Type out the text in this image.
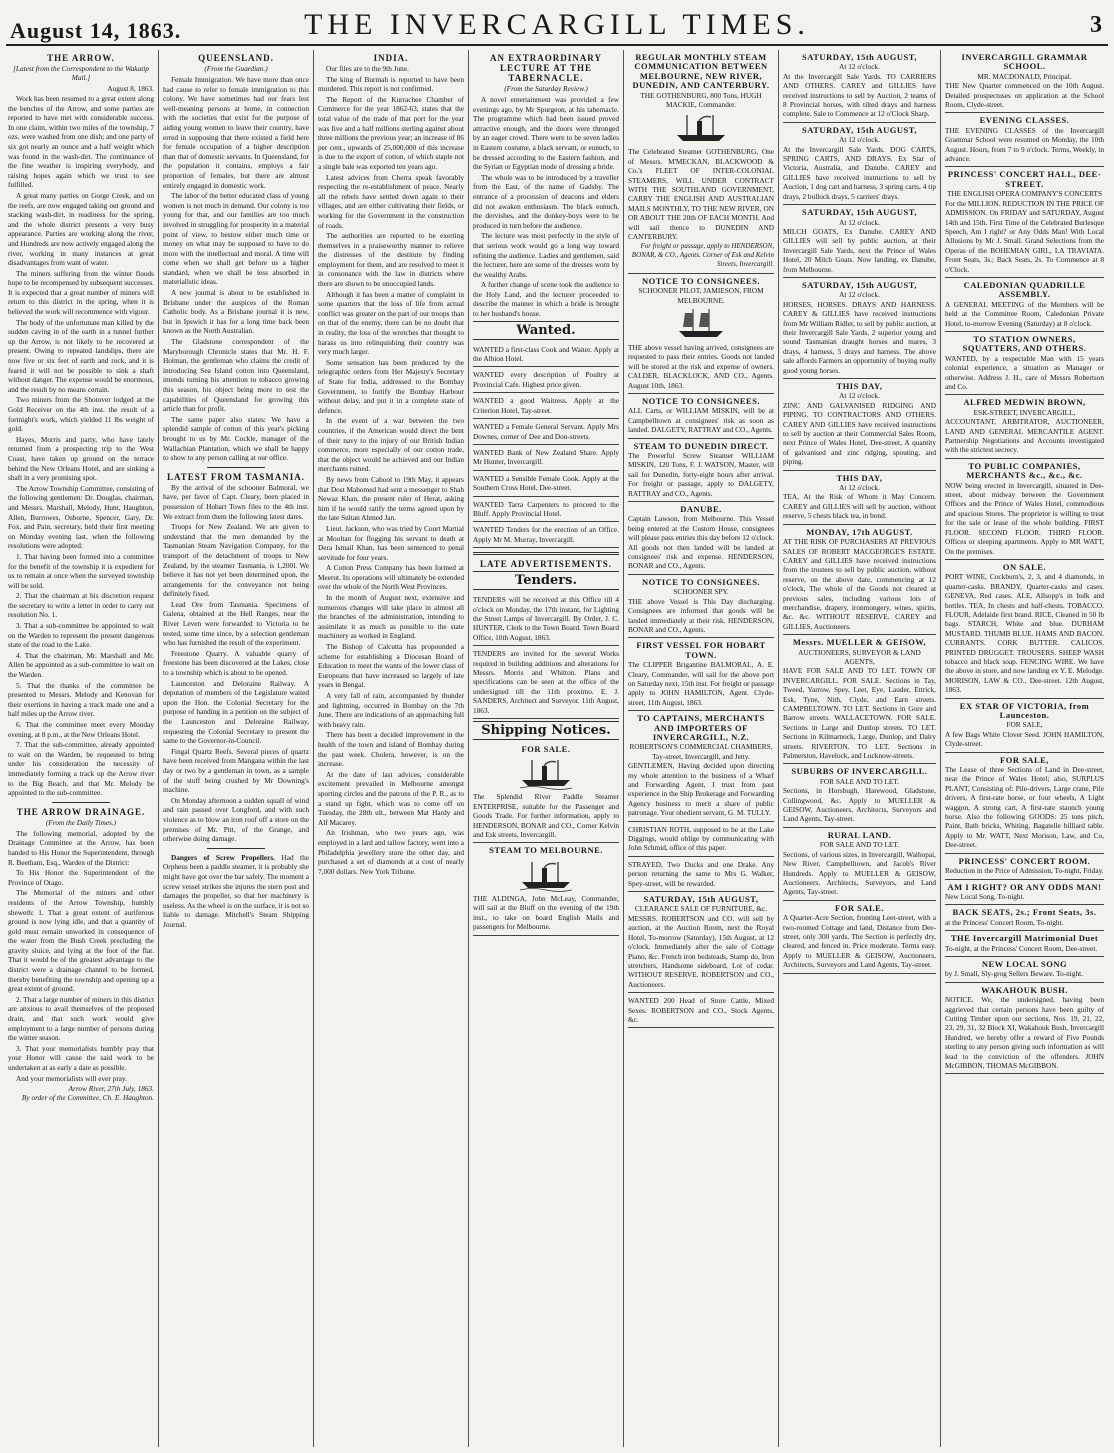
August 14, 1863.	THE INVERCARGILL TIMES.	3
THE ARROW.
[Latest from the Correspondent to the Wakatip Mail.]
August 8, 1863.

Work has been resumed to a great extent along the benches of the Arrow, and some parties are reported to have met with considerable success. In one claim, within two miles of the township, 7 ozs. were washed from one dish; and one party of six got nearly an ounce and a half weight which was found in the wash-dirt. The continuance of the fine weather is inspiring everybody, and raising hopes again which we trust to see fulfilled.

A great many parties on Gorge Creek, and on the reefs, are now engaged taking out ground and stacking wash-dirt, in readiness for the spring, and the whole district presents a very busy appearance. Parties are working along the river, and Hundreds are now actively engaged along the river, working in many instances at great disadvantages from want of water.

The miners suffering from the winter floods hope to be recompensed by subsequent successes. It is expected that a great number of miners will return to this district in the spring, when it is believed the work will recommence with vigour.

The body of the unfortunate man killed by the sudden caving in of the earth in a tunnel further up the Arrow, is not likely to be recovered at present. Owing to repeated landslips, there are now five or six feet of earth and rock, and it is feared it will not be possible to sink a shaft without danger. The expense would be enormous, and the result by no means certain.

Two miners from the Shotover lodged at the Gold Receiver on the 4th inst. the result of a fortnight's work, which yielded 11 lbs weight of gold.

Hayes, Morris and party, who have lately returned from a prospecting trip to the West Coast, have taken up ground on the terrace behind the New Orleans Hotel, and are sinking a shaft in a very promising spot.

The Arrow Township Committee, consisting of the following gentlemen: Dr. Douglas, chairman, and Messrs. Marshall, Melody, Hunt, Haughton, Allen, Burrowes, Osborne, Spencer, Gary, Dr. Fox, and Pain, secretary, held their first meeting on Monday evening last, when the following resolutions were adopted:

1. That having been formed into a committee for the benefit of the township it is expedient for us to remain at once when the surveyed township will be sold.

2. That the chairman at his discretion request the secretary to write a letter in order to carry out resolution No. 1.

3. That a sub-committee be appointed to wait on the Warden to represent the present dangerous state of the road to the Lake.

4. That the chairman, Mr. Marshall and Mr. Allen be appointed as a sub-committee to wait on the Warden.

5. That the thanks of the committee be presented to Messrs. Melody and Kenovan for their exertions in having a track made one and a half miles up the Arrow river.

6. That the committee meet every Monday evening, at 8 p.m., at the New Orleans Hotel.

7. That the sub-committee, already appointed to wait on the Warden, be requested to bring under his consideration the necessity of immediately forming a track up the Arrow river to the Big Beach, and that Mr. Melody be appointed to the sub-committee.

THE ARROW DRAINAGE.
(From the Daily Times.)

The following memorial, adopted by the Drainage Committee at the Arrow, has been handed to His Honor the Superintendent, through R. Beetham, Esq., Warden of the District:

To His Honor the Superintendent of the Province of Otago.

The Memorial of the miners and other residents of the Arrow Township, humbly sheweth: 1. That a great extent of auriferous ground is now lying idle, and that a quantity of gold must remain unworked in consequence of the water from the Bush Creek precluding the gravity sluice, and lying at the foot of the flat. That it would be of the greatest advantage to the district were a drainage channel to be formed, thereby benefiting the township and opening up a great extent of ground.

2. That a large number of miners in this district are anxious to avail themselves of the proposed drain, and that such work would give employment to a large number of persons during the winter season.

3. That your memorialists humbly pray that your Honor will cause the said work to be undertaken at as early a date as possible.

And your memorialists will ever pray.

Arrow River, 27th July, 1863.
By order of the Committee, Ch. E. Haughton.
QUEENSLAND.
(From the Guardian.)

Female Immigration. We have more than once had cause to refer to female immigration to this colony. We have sometimes had our fears lest well-meaning persons at home, in connection with the societies that exist for the purpose of aiding young women to leave their country, have erred in supposing that there existed a field here for female occupation of a higher description than that of domestic servants. In Queensland, for the population it contains, employs a fair proportion of females, but there are almost entirely engaged in domestic work.

The labor of the better educated class of young women is not much in demand. Our colony is too young for that, and our families are too much involved in struggling for prosperity in a material point of view, to bestow either much time or money on what may be supposed to have to do more with the intellectual and moral. A time will come when we shall get before us a higher standard, when we shall be less absorbed in materialistic ideas.

A new journal is about to be established in Brisbane under the auspices of the Roman Catholic body. As a Brisbane journal it is new, but in Ipswich it has for a long time back been known as the North Australian.

The Gladstone correspondent of the Maryborough Chronicle states that Mr. H. F. Holman, the gentleman who claims the credit of introducing Sea Island cotton into Queensland, intends turning his attention to tobacco growing this season, his object being more to test the capabilities of Queensland for growing this article than for profit.

The same paper also states: We have a splendid sample of cotton of this year's picking brought to us by Mr. Cockle, manager of the Wallachian Plantation, which we shall be happy to show to any person calling at our office.

LATEST FROM TASMANIA.

By the arrival of the schooner Balmoral, we have, per favor of Capt. Cleary, been placed in possession of Hobart Town files to the 4th inst. We extract from them the following latest dates.

Troops for New Zealand. We are given to understand that the men demanded by the Tasmanian Steam Navigation Company, for the transport of the detachment of troops to New Zealand, by the steamer Tasmania, is 1,200l. We believe it has not yet been determined upon, the arrangements for the conveyance not being definitely fixed.

Lead Ore from Tasmania. Specimens of Galena, obtained at the Hell Ranges, near the River Leven were forwarded to Victoria to be tested, some time since, by a selection gentleman who has furnished the result of the experiment.

Freestone Quarry. A valuable quarry of freestone has been discovered at the Lakes, close to a township which is about to be opened.

Launceston and Deloraine Railway. A deputation of members of the Legislature waited upon the Hon. the Colonial Secretary for the purpose of handing in a petition on the subject of the Launceston and Deloraine Railway, requesting the Colonial Secretary to present the same to the Governor-in-Council.

Fingal Quartz Reefs. Several pieces of quartz have been received from Mangana within the last day or two by a gentleman in town, as a sample of the stuff being crushed by Mr Downing's machine.

On Monday afternoon a sudden squall of wind and rain passed over Longford, and with such violence as to blow an iron roof off a store on the premises of Mr. Pitt, of the Grange, and otherwise doing damage.

Dangers of Screw Propellers. Had the Orpheus been a paddle steamer, it is probably she might have got over the bar safely. The moment a screw vessel strikes she injures the stern post and damages the propeller, so that her machinery is useless. As the wheel is on the surface, it is not so liable to damage. Mitchell's Steam Shipping Journal.

INDIA.

Our files are to the 9th June.

The king of Burmah is reported to have been murdered. This report is not confirmed.

The Report of the Kurrachee Chamber of Commerce for the year 1862-63, states that the total value of the trade of that port for the year was five and a half millions sterling against about three millions the previous year; an increase of 86 per cent., upwards of 25,000,000 of this increase is due to the export of cotton, of which staple not a single bale was exported ten years ago.

Latest advices from Cherra speak favorably respecting the re-establishment of peace. Nearly all the rebels have settled down again to their villages, and are either cultivating their fields, or working for the Government in the construction of roads.

The authorities are reported to be exerting themselves in a praiseworthy manner to relieve the distresses of the destitute by finding employment for them, and are resolved to meet it in consonance with the law in districts where there are shown to be unoccupied lands.

Although it has been a matter of complaint in some quarters that the loss of life from actual conflict was greater on the part of our troops than on that of the enemy, there can be no doubt that in reality, the loss of the wretches that thought to harass us into relinquishing their country was very much larger.

Some sensation has been produced by the telegraphic orders from Her Majesty's Secretary of State for India, addressed to the Bombay Government, to fortify the Bombay Harbour without delay, and put it in a complete state of defence.

In the event of a war between the two countries, if the American would direct the bent of their navy to the injury of our British Indian commerce, more especially of our cotton trade, that the object would be achieved and our Indian merchants ruined.

By news from Cabool to 19th May, it appears that Dost Mahomed had sent a messenger to Shah Newaz Khan, the present ruler of Herat, asking him if he would ratify the terms agreed upon by the late Sultan Ahmed Jan.

Lieut. Jackson, who was tried by Court Martial at Mooltan for flogging his servant to death at Dera Ismail Khan, has been sentenced to penal servitude for four years.

A Cotton Press Company has been formed at Meerut. Its operations will ultimately be extended over the whole of the North West Provinces.

In the month of August next, extensive and numerous changes will take place in almost all the branches of the administration, intending to assimilate it as much as possible to the state machinery as worked in England.

The Bishop of Calcutta has propounded a scheme for establishing a Diocesan Board of Education to meet the wants of the lower class of Europeans that have increased so largely of late years in Bengal.

A very fall of rain, accompanied by thunder and lightning, occurred in Bombay on the 7th June. There are indications of an approaching full with heavy rain.

There has been a decided improvement in the health of the town and island of Bombay during the past week. Cholera, however, is on the increase.

At the date of last advices, considerable excitement prevailed in Melbourne amongst sporting circles and the patrons of the P. R., as to a stand up fight, which was to come off on Tuesday, the 28th ult., between Mat Hardy and Alf Macarey.

An Irishman, who two years ago, was employed in a lard and tallow factory, went into a Philadelphia jewellery store the other day, and purchased a set of diamonds at a cost of nearly 7,000 dollars. New York Tribune.

AN EXTRAORDINARY LECTURE AT THE TABERNACLE.
(From the Saturday Review.)

A novel entertainment was provided a few evenings ago, by Mr Spurgeon, at his tabernacle. The programme which had been issued proved attractive enough, and the doors were thronged by an eager crowd. There were to be seven ladies in Eastern costume, a black servant, or eunuch, to be dressed according to the Eastern fashion, and the Syrian or Egyptian mode of dressing a bride.

The whole was to be introduced by a traveller from the East, of the name of Gadsby. The entrance of a procession of deacons and elders did not awaken enthusiasm. The black eunuch, the dervishes, and the donkey-boys were to be produced in turn before the audience.

The lecture was most perfectly in the style of that serious work would go a long way toward refining the audience. Ladies and gentlemen, said the lecturer, here are some of the dresses worn by the wealthy Arabs.

A further change of scene took the audience to the Holy Land, and the lecturer proceeded to describe the manner in which a bride is brought to her husband's house.

Wanted.
WANTED a first-class Cook and Waiter. Apply at the Albion Hotel.
WANTED every description of Poultry at Provincial Cafe. Highest price given.
WANTED a good Waitress. Apply at the Criterion Hotel, Tay-street.
WANTED a Female General Servant. Apply Mrs Downes, corner of Dee and Don-streets.
WANTED Bank of New Zealand Share. Apply Mr Hunter, Invercargill.
WANTED a Sensible Female Cook. Apply at the Southern Cross Hotel, Dee-street.
WANTED Tarra Carpenters to proceed to the Bluff. Apply Provincial Hotel.
WANTED Tenders for the erection of an Office. Apply Mr M. Murray, Invercargill.
LATE ADVERTISEMENTS.
Tenders.
TENDERS will be received at this Office till 4 o'clock on Monday, the 17th instant, for Lighting the Street Lamps of Invercargill. By Order, J. C. HUNTER, Clerk to the Town Board. Town Board Office, 10th August, 1863.
TENDERS are invited for the several Works required in building additions and alterations for Messrs. Morris and Whitton. Plans and specifications can be seen at the office of the undersigned till the 11th proximo. E. J. SANDERS, Architect and Surveyor. 11th August, 1863.
Shipping Notices.
FOR SALE.
The Splendid River Paddle Steamer ENTERPRISE, suitable for the Passenger and Goods Trade. For further information, apply to HENDERSON, BONAR and CO., Corner Kelvin and Esk streets, Invercargill.
STEAM TO MELBOURNE.
THE ALDINGA, John McLeay, Commander, will sail at the Bluff on the evening of the 19th inst., to take on board English Mails and passengers for Melbourne.
REGULAR MONTHLY STEAM COMMUNICATION BETWEEN MELBOURNE, NEW RIVER, DUNEDIN, AND CANTERBURY.
THE GOTHENBURG, 800 Tons, HUGH MACKIE, Commander.
The Celebrated Steamer GOTHENBURG, One of Messrs. M'MECKAN, BLACKWOOD & Co.'s FLEET OF INTER-COLONIAL STEAMERS, WILL UNDER CONTRACT WITH THE SOUTHLAND GOVERNMENT, CARRY THE ENGLISH AND AUSTRALIAN MAILS MONTHLY, TO THE NEW RIVER, ON OR ABOUT THE 20th OF EACH MONTH. And will sail thence to DUNEDIN AND CANTERBURY.
For freight or passage, apply to HENDERSON, BONAR, & CO., Agents. Corner of Esk and Kelvin Streets, Invercargill.
NOTICE TO CONSIGNEES.
SCHOONER PILOT, JAMIESON, FROM MELBOURNE.
THE above vessel having arrived, consignees are requested to pass their entries. Goods not landed will be stored at the risk and expense of owners. CALDER, BLACKLOCK, AND CO., Agents. August 10th, 1863.
NOTICE TO CONSIGNEES.
ALL Carts, or WILLIAM MISKIN, will be at Campbelltown at consignees' risk as soon as landed. DALGETY, RATTRAY and CO., Agents.
STEAM TO DUNEDIN DIRECT.
The Powerful Screw Steamer WILLIAM MISKIN, 120 Tons, F. J. WATSON, Master, will sail for Dunedin, forty-eight hours after arrival. For freight or passage, apply to DALGETY, RATTRAY and CO., Agents.
DANUBE.
Captain Lawson, from Melbourne. This Vessel being entered at the Custom House, consignees will please pass entries this day before 12 o'clock. All goods not then landed will be landed at consignees' risk and expense. HENDERSON, BONAR and CO., Agents.
NOTICE TO CONSIGNEES.
SCHOONER SPY.
THE above Vessel is This Day discharging. Consignees are informed that goods will be landed immediately at their risk. HENDERSON, BONAR and CO., Agents.
FIRST VESSEL FOR HOBART TOWN.
The CLIPPER Brigantine BALMORAL, A. E. Cleary, Commander, will sail for the above port on Saturday next, 15th inst. For freight or passage apply to JOHN HAMILTON, Agent. Clyde-street, 11th August, 1863.
TO CAPTAINS, MERCHANTS AND IMPORTERS OF INVERCARGILL, N.Z.
ROBERTSON'S COMMERCIAL CHAMBERS, Tay-street, Invercargill, and Jetty.
GENTLEMEN, Having decided upon directing my whole attention to the business of a Wharf and Forwarding Agent, I trust from past experience in the Ship Brokerage and Forwarding Agency business to merit a share of public patronage. Your obedient servant, G. M. TULLY.
CHRISTIAN ROTH, supposed to be at the Lake Diggings, would oblige by communicating with John Schmid, office of this paper.
STRAYED, Two Ducks and one Drake. Any person returning the same to Mrs G. Walker, Spey-street, will be rewarded.
SATURDAY, 15th AUGUST,
CLEARANCE SALE OF FURNITURE, &c.
MESSRS. ROBERTSON and CO. will sell by auction, at the Auction Room, next the Royal Hotel, To-morrow (Saturday), 15th August, at 12 o'clock. Immediately after the sale of Cottage Piano, &c. French iron bedsteads, Stamp do, Iron stretchers, Handsome sideboard, Lot of cedar. WITHOUT RESERVE. ROBERTSON and CO., Auctioneers.
WANTED 200 Head of Store Cattle, Mixed Sexes. ROBERTSON and CO., Stock Agents, &c.
SATURDAY, 15th AUGUST,
At 12 o'clock.
At the Invercargill Sale Yards. TO CARRIERS AND OTHERS. CAREY and GILLIES have received instructions to sell by Auction, 2 teams of 8 Provincial horses, with tilted drays and harness complete. Sale to Commence at 12 o'Clock Sharp.
SATURDAY, 15th AUGUST,
At 12 o'clock.
At the Invercargill Sale Yards. DOG CARTS, SPRING CARTS, AND DRAYS. Ex Star of Victoria, Australia, and Danube. CAREY and GILLIES have received instructions to sell by Auction, 1 dog cart and harness, 3 spring carts, 4 tip drays, 2 bullock drays, 5 carriers' drays.
SATURDAY, 15th AUGUST,
At 12 o'clock.
MILCH GOATS, Ex Danube. CAREY AND GILLIES will sell by public auction, at their Invercargill Sale Yards, next the Prince of Wales Hotel, 20 Milch Goats. Now landing, ex Danube, from Melbourne.
SATURDAY, 15th AUGUST,
At 12 o'clock.
HORSES, HORSES. DRAYS AND HARNESS. CAREY & GILLIES have received instructions from Mr William Ridler, to sell by public auction, at their Invercargill Sale Yards, 2 superior young and sound Tasmanian draught horses and mares, 3 drays, 4 harness, 5 drays and harness. The above sale affords Farmers an opportunity of buying really good young horses.
THIS DAY,
At 12 o'clock.
ZINC AND GALVANISED RIDGING AND PIPING. TO CONTRACTORS AND OTHERS. CAREY AND GILLIES have received instructions to sell by auction at their Commercial Sales Room, next Prince of Wales Hotel, Dee-street, A quantity of galvanised and zinc ridging, spouting, and piping.
THIS DAY,
At 12 o'clock.
TEA, At the Risk of Whom it May Concern. CAREY and GILLIES will sell by auction, without reserve, 5 chests black tea, in bond.
MONDAY, 17th AUGUST.
AT THE RISK OF PURCHASERS AT PREVIOUS SALES OF ROBERT MACGEORGE'S ESTATE. CAREY and GILLIES have received instructions from the trustees to sell by public auction, without reserve, on the above date, commencing at 12 o'clock, The whole of the Goods not cleared at previous sales, including various lots of merchandise, drapery, ironmongery, wines, spirits, &c. &c. WITHOUT RESERVE. CAREY and GILLIES, Auctioneers.
Messrs. MUELLER & GEISOW,
AUCTIONEERS, SURVEYOR & LAND AGENTS,
HAVE FOR SALE AND TO LET. TOWN OF INVERCARGILL. FOR SALE. Sections in Tay, Tweed, Yarrow, Spey, Leet, Eye, Lauder, Ettrick, Esk, Tyne, Nith, Clyde, and Earn streets. CAMPBELTOWN. TO LET. Sections in Gore and Barrow streets. WALLACETOWN. FOR SALE. Sections in Large and Dunlop streets. TO LET. Sections in Kilmarnock, Large, Dunlop, and Dalry streets. RIVERTON. TO LET. Sections in Palmerston, Havelock, and Lucknow-streets.
SUBURBS OF INVERCARGILL.
FOR SALE AND TO LET.
Sections, in Horsbugh, Harewood, Gladstone, Collingwood, &c. Apply to MUELLER & GEISOW, Auctioneers, Architects, Surveyors and Land Agents, Tay-street.
RURAL LAND.
FOR SALE AND TO LET.
Sections, of various sizes, in Invercargill, Waihopai, New River, Campbelltown, and Jacob's River Hundreds. Apply to MUELLER & GEISOW, Auctioneers, Architects, Surveyors, and Land Agents, Tay-street.
FOR SALE.
A Quarter-Acre Section, fronting Leet-street, with a two-roomed Cottage and land, Distance from Dee-street, only 300 yards. The Section is perfectly dry, cleared, and fenced in. Price moderate. Terms easy. Apply to MUELLER & GEISOW, Auctioneers, Architects, Surveyors and Land Agents, Tay-street.
INVERCARGILL GRAMMAR SCHOOL.
MR. MACDONALD, Principal.
THE New Quarter commenced on the 10th August. Detailed prospectuses on application at the School Room, Clyde-street.
EVENING CLASSES.
THE EVENING CLASSES of the Invercargill Grammar School were resumed on Monday, the 10th August. Hours, from 7 to 9 o'clock. Terms, Weekly, in advance.
PRINCESS' CONCERT HALL, DEE-STREET.
THE ENGLISH OPERA COMPANY'S CONCERTS
For the MILLION. REDUCTION IN THE PRICE OF ADMISSION. On FRIDAY and SATURDAY, August 14th and 15th. First Time of the Celebrated Burlesque Speech, Am I right? or Any Odds Man! With Local Allusions by Mr J. Small. Grand Selections from the Operas of the BOHEMIAN GIRL, LA TRAVIATA. Front Seats, 3s.; Back Seats, 2s. To Commence at 8 o'Clock.
CALEDONIAN QUADRILLE ASSEMBLY.
A GENERAL MEETING of the Members will be held at the Committee Room, Caledonian Private Hotel, to-morrow Evening (Saturday) at 8 o'clock.
TO STATION OWNERS, SQUATTERS, AND OTHERS.
WANTED, by a respectable Man with 15 years colonial experience, a situation as Manager or otherwise. Address J. H., care of Messrs Robertson and Co.
ALFRED MEDWIN BROWN,
ESK-STREET, INVERCARGILL,
ACCOUNTANT, ARBITRATOR, AUCTIONEER, LAND AND GENERAL MERCANTILE AGENT. Partnership Negotiations and Accounts investigated with the strictest secrecy.
TO PUBLIC COMPANIES, MERCHANTS &c., &c., &c.
NOW being erected in Invercargill, situated in Dee-street, about midway between the Government Offices and the Prince of Wales Hotel, commodious and spacious Stores. The proprietor is willing to treat for the sale or lease of the whole building. FIRST FLOOR. SECOND FLOOR. THIRD FLOOR. Offices or sleeping apartments. Apply to MR WATT, On the premises.
ON SALE.
PORT WINE, Cockburn's, 2, 3, and 4 diamonds, in quarter-casks. BRANDY, Quarter-casks and cases. GENEVA, Red cases. ALE, Allsopp's in bulk and bottles. TEA, In chests and half-chests. TOBACCO. FLOUR, Adelaide first brand. RICE, Cleaned in 50 lb bags. STARCH, White and blue. DURHAM MUSTARD. THUMB BLUE. HAMS AND BACON. CURRANTS. CORK BUTTER. CALICOS. PRINTED DRUGGET. TROUSERS. SHEEP WASH tobacco and black soap. FENCING WIRE. We have the above in store, and now landing ex Y. E. Melodge. MORISON, LAW & CO., Dee-street. 12th August, 1863.
EX STAR OF VICTORIA, from Launceston.
FOR SALE,
A few Bags White Clover Seed. JOHN HAMILTON, Clyde-street.
FOR SALE,
The Lease of three Sections of Land in Dee-street, near the Prince of Wales Hotel; also, SURPLUS PLANT, Consisting of: Pile-drivers, Large crane, Pile drivers, A first-rate horse, or four wheels, A Light waggon, A strong cart, A first-rate staunch young horse. Also the following GOODS: 25 tons pitch, Paint, Bath bricks, Whiting, Bagatelle billiard table. Apply to Mr. WATT, Next Morison, Law, and Co, Dee-street.
PRINCESS' CONCERT ROOM.
Reduction in the Price of Admission, To-night, Friday.
AM I RIGHT? OR ANY ODDS MAN!
New Local Song, To-night.
BACK SEATS, 2s.; Front Seats, 3s.
at the Princess' Concert Room, To-night.
THE Invercargill Matrimonial Duet
To-night, at the Princess' Concert Room, Dee-street.
NEW LOCAL SONG
by J. Small, Sly-grog Sellers Beware. To-night.
WAKAHOUK BUSH.
NOTICE. We, the undersigned, having been aggrieved that certain persons have been guilty of Cutting Timber upon our sections, Nos. 19, 21, 22, 23, 29, 31, 32 Block XI, Wakahouk Bush, Invercargill Hundred, we hereby offer a reward of Five Pounds sterling to any person giving such information as will lead to the conviction of the offenders. JOHN McGIBBON, THOMAS McGIBBON.
